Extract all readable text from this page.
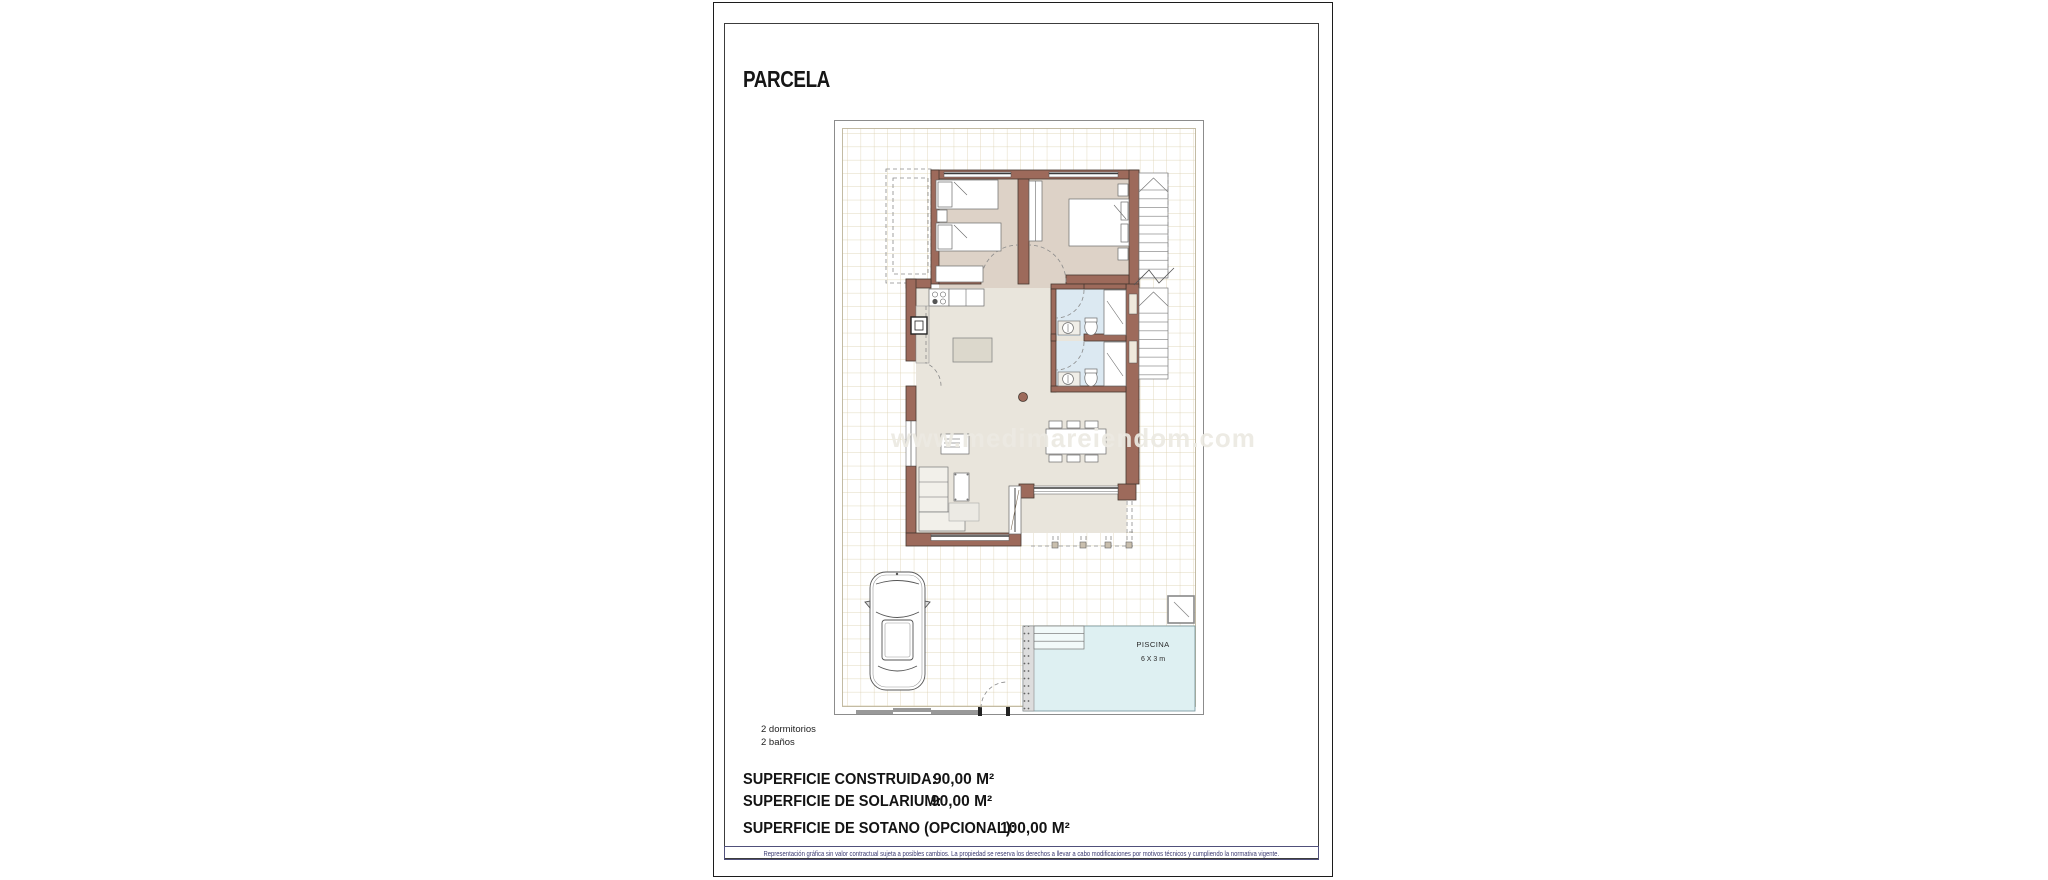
PARCELA
PISCINA
6 X 3 m
www.medimareiendom.com
2 dormitorios
2 baños
SUPERFICIE CONSTRUIDA:
90,00 M²
SUPERFICIE DE SOLARIUM:
90,00 M²
SUPERFICIE DE SOTANO (OPCIONAL):
100,00 M²
Representación gráfica sin valor contractual sujeta a posibles cambios. La propiedad se reserva los derechos a llevar a cabo modificaciones por motivos técnicos y cumpliendo la normativa vigente.
